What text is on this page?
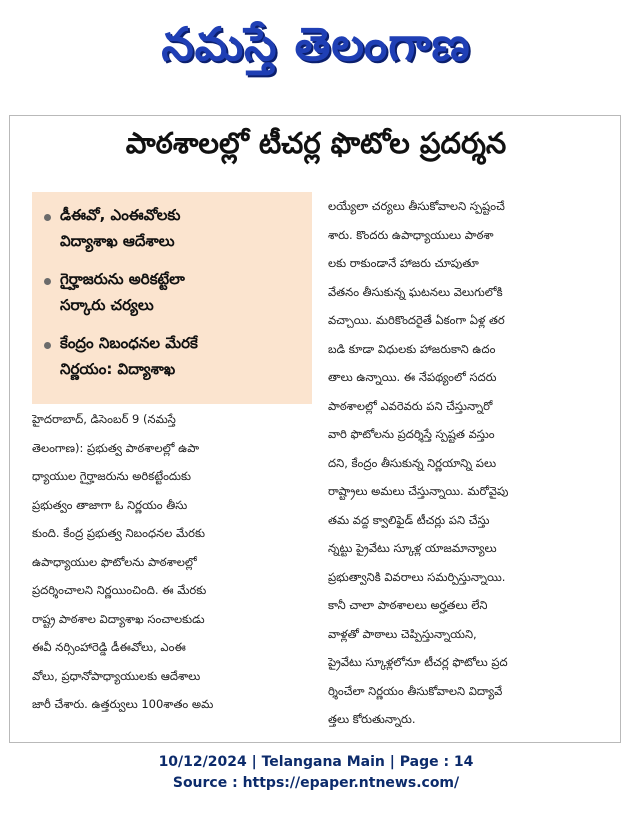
నమస్తే తెలంగాణ
పాఠశాలల్లో టీచర్ల ఫొటోల ప్రదర్శన
డీఈవో, ఎంఈవోలకు
విద్యాశాఖ ఆదేశాలు
గైర్హాజరును అరికట్టేలా
సర్కారు చర్యలు
కేంద్రం నిబంధనల మేరకే
నిర్ణయం: విద్యాశాఖ
హైదరాబాద్, డిసెంబర్ 9 (నమస్తే
తెలంగాణ): ప్రభుత్వ పాఠశాలల్లో ఉపా
ధ్యాయుల గైర్హాజరును అరికట్టేందుకు
ప్రభుత్వం తాజాగా ఓ నిర్ణయం తీసు
కుంది. కేంద్ర ప్రభుత్వ నిబంధనల మేరకు
ఉపాధ్యాయుల ఫొటోలను పాఠశాలల్లో
ప్రదర్శించాలని నిర్ణయించింది. ఈ మేరకు
రాష్ట్ర పాఠశాల విద్యాశాఖ సంచాలకుడు
ఈవీ నర్సింహారెడ్డి డీఈవోలు, ఎంఈ
వోలు, ప్రధానోపాధ్యాయులకు ఆదేశాలు
జారీ చేశారు. ఉత్తర్వులు 100శాతం అమ
లయ్యేలా చర్యలు తీసుకోవాలని స్పష్టంచే
శారు. కొందరు ఉపాధ్యాయులు పాఠశా
లకు రాకుండానే హాజరు చూపుతూ
వేతనం తీసుకున్న ఘటనలు వెలుగులోకి
వచ్చాయి. మరికొందరైతే ఏకంగా ఏళ్ల తర
బడి కూడా విధులకు హాజరుకాని ఉదం
తాలు ఉన్నాయి. ఈ నేపథ్యంలో సదరు
పాఠశాలల్లో ఎవరెవరు పని చేస్తున్నారో
వారి ఫొటోలను ప్రదర్శిస్తే స్పష్టత వస్తుం
దని, కేంద్రం తీసుకున్న నిర్ణయాన్ని పలు
రాష్ట్రాలు అమలు చేస్తున్నాయి. మరోవైపు
తమ వద్ద క్వాలిఫైడ్ టీచర్లు పని చేస్తు
న్నట్టు ప్రైవేటు స్కూళ్ల యాజమాన్యాలు
ప్రభుత్వానికి వివరాలు సమర్పిస్తున్నాయి.
కానీ చాలా పాఠశాలలు అర్హతలు లేని
వాళ్లతో పాఠాలు చెప్పిస్తున్నాయని,
ప్రైవేటు స్కూళ్లలోనూ టీచర్ల ఫొటోలు ప్రద
ర్శించేలా నిర్ణయం తీసుకోవాలని విద్యావే
త్తలు కోరుతున్నారు.
10/12/2024 | Telangana Main | Page : 14
Source : https://epaper.ntnews.com/
